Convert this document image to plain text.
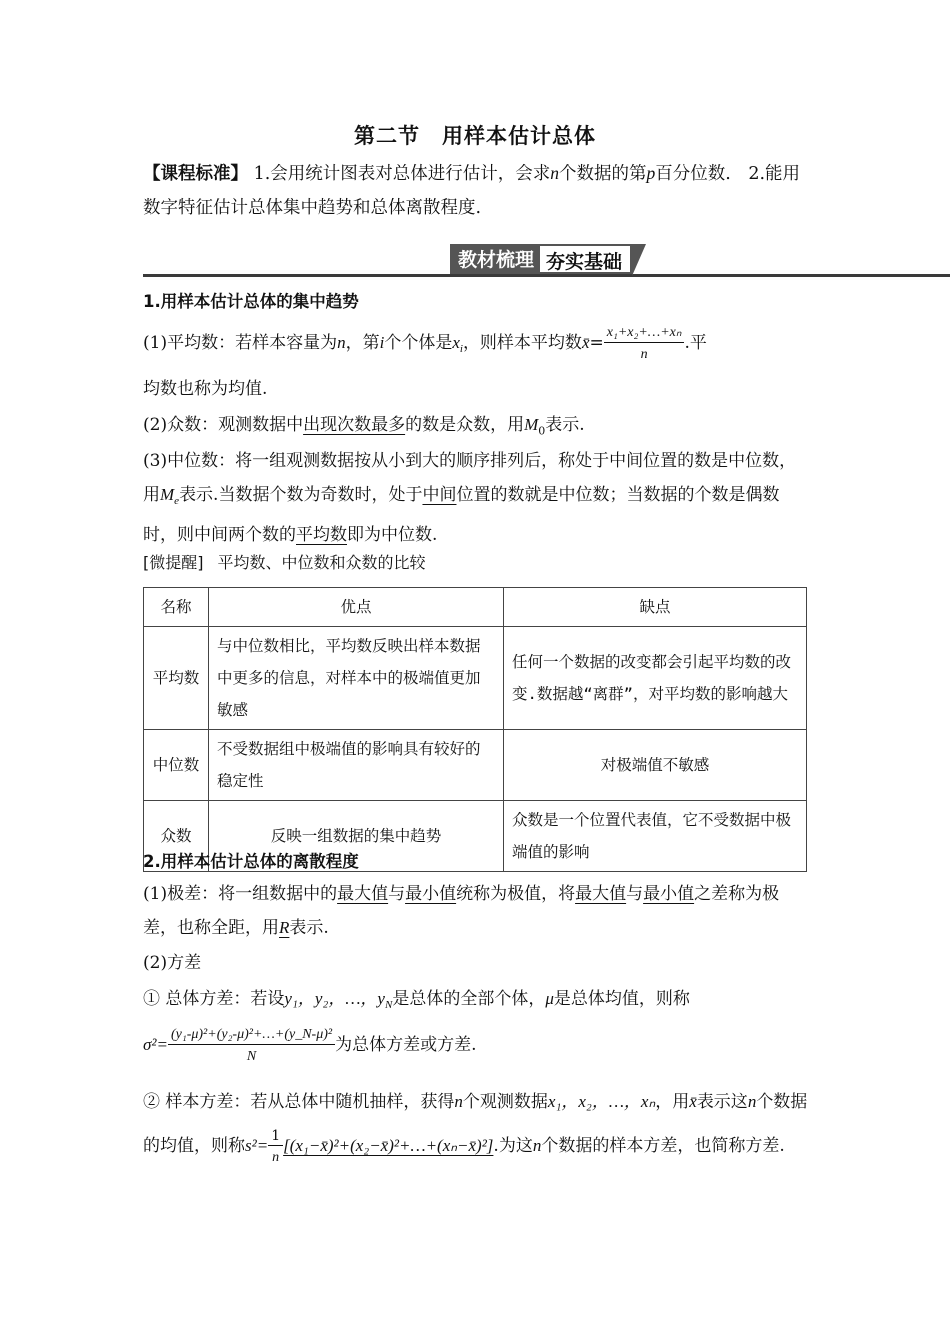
第二节　用样本估计总体
【课程标准】 1.会用统计图表对总体进行估计，会求n个数据的第p百分位数.　2.能用数字特征估计总体集中趋势和总体离散程度.
教材梳理 夯实基础
1.用样本估计总体的集中趋势
(1)平均数：若样本容量为n，第i个个体是$x_i$，则样本平均数x̄= $\frac{\text{x₁+x₂+…+xₙ}}{n}$ .平
均数也称为均值.
(2)众数：观测数据中出现次数最多的数是众数，用$M_0$表示.
(3)中位数：将一组观测数据按从小到大的顺序排列后，称处于中间位置的数是中位数，用$M_e$表示.当数据个数为奇数时，处于中间位置的数就是中位数；当数据的个数是偶数时，则中间两个数的平均数即为中位数.
[微提醒] 平均数、中位数和众数的比较
名称	优点	缺点
平均数	与中位数相比，平均数反映出样本数据中更多的信息，对样本中的极端值更加敏感	任何一个数据的改变都会引起平均数的改变.数据越“离群”，对平均数的影响越大
中位数	不受数据组中极端值的影响具有较好的稳定性	对极端值不敏感
众数	反映一组数据的集中趋势	众数是一个位置代表值，它不受数据中极端值的影响
2.用样本估计总体的离散程度
(1)极差：将一组数据中的最大值与最小值统称为极值，将最大值与最小值之差称为极差，也称全距，用R表示.
(2)方差
① 总体方差：若设y₁，y₂，…，$y_N$是总体的全部个体，μ是总体均值，则称
$\sigma^2= \frac{\text{(y₁-μ)²+(y₂-μ)²+…+(y\_N-μ)²}}{N}$ 为总体方差或方差.
② 样本方差：若从总体中随机抽样，获得n个观测数据x₁，x₂，…，xₙ，用x̄表示这n个数据的均值，则称$s^2= \frac{1}{n}$ [(x₁−x̄)²+(x₂−x̄)²+…+(xₙ−x̄)²].为这n个数据的样本方差，也简称方差.
